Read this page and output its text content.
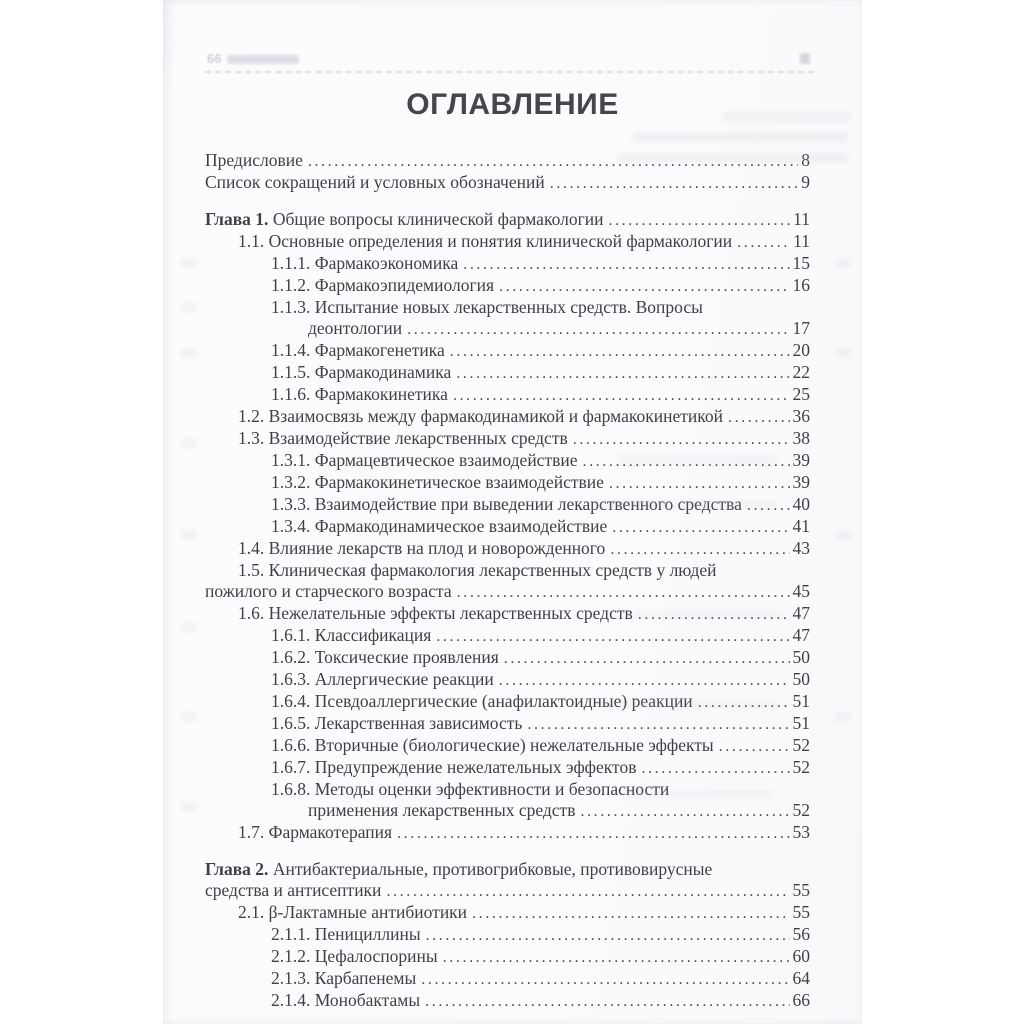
66
ОГЛАВЛЕНИЕ
Предисловие .....	8
Список сокращений и условных обозначений .....	9
Глава 1. Общие вопросы клинической фармакологии .....	11
1.1. Основные определения и понятия клинической фармакологии .....	11
1.1.1. Фармакоэкономика .....	15
1.1.2. Фармакоэпидемиология .....	16
1.1.3. Испытание новых лекарственных средств. Вопросы
деонтологии .....	17
1.1.4. Фармакогенетика .....	20
1.1.5. Фармакодинамика .....	22
1.1.6. Фармакокинетика .....	25
1.2. Взаимосвязь между фармакодинамикой и фармакокинетикой .....	36
1.3. Взаимодействие лекарственных средств .....	38
1.3.1. Фармацевтическое взаимодействие .....	39
1.3.2. Фармакокинетическое взаимодействие .....	39
1.3.3. Взаимодействие при выведении лекарственного средства .....	40
1.3.4. Фармакодинамическое взаимодействие .....	41
1.4. Влияние лекарств на плод и новорожденного .....	43
1.5. Клиническая фармакология лекарственных средств у людей
пожилого и старческого возраста .....	45
1.6. Нежелательные эффекты лекарственных средств .....	47
1.6.1. Классификация .....	47
1.6.2. Токсические проявления .....	50
1.6.3. Аллергические реакции .....	50
1.6.4. Псевдоаллергические (анафилактоидные) реакции .....	51
1.6.5. Лекарственная зависимость .....	51
1.6.6. Вторичные (биологические) нежелательные эффекты .....	52
1.6.7. Предупреждение нежелательных эффектов .....	52
1.6.8. Методы оценки эффективности и безопасности
применения лекарственных средств .....	52
1.7. Фармакотерапия .....	53
Глава 2. Антибактериальные, противогрибковые, противовирусные
средства и антисептики .....	55
2.1. β-Лактамные антибиотики .....	55
2.1.1. Пенициллины .....	56
2.1.2. Цефалоспорины .....	60
2.1.3. Карбапенемы .....	64
2.1.4. Монобактамы .....	66
